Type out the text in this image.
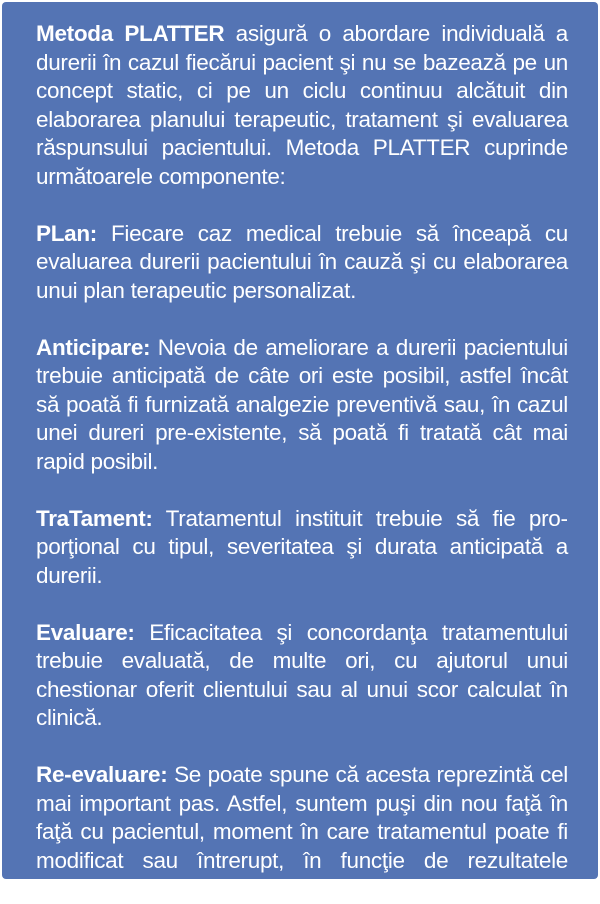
Metoda PLATTER asigură o abordare individuală a durerii în cazul fiecărui pacient şi nu se bazează pe un concept static, ci pe un ciclu continuu alcătuit din elaborarea planului terapeutic, tratament şi evaluarea răspunsului pacientului. Metoda PLATTER cuprinde următoarele componente:

PLan: Fiecare caz medical trebuie să înceapă cu evaluarea durerii pacientului în cauză şi cu elaborarea unui plan terapeutic personalizat.

Anticipare: Nevoia de ameliorare a durerii pacientului trebuie anticipată de câte ori este posibil, astfel încât să poată fi furnizată analgezie preventivă sau, în cazul unei dureri pre-existente, să poată fi tratată cât mai rapid posibil.

TraTament: Tratamentul instituit trebuie să fie proporţional cu tipul, severitatea şi durata anticipată a durerii.

Evaluare: Eficacitatea şi concordanţa tratamentului trebuie evaluată, de multe ori, cu ajutorul unui chestionar oferit clientului sau al unui scor calculat în clinică.

Re-evaluare: Se poate spune că acesta reprezintă cel mai important pas. Astfel, suntem puşi din nou faţă în faţă cu pacientul, moment în care tratamentul poate fi modificat sau întrerupt, în funcţie de rezultatele evaluării răspunsului la tratament al pacientului.
